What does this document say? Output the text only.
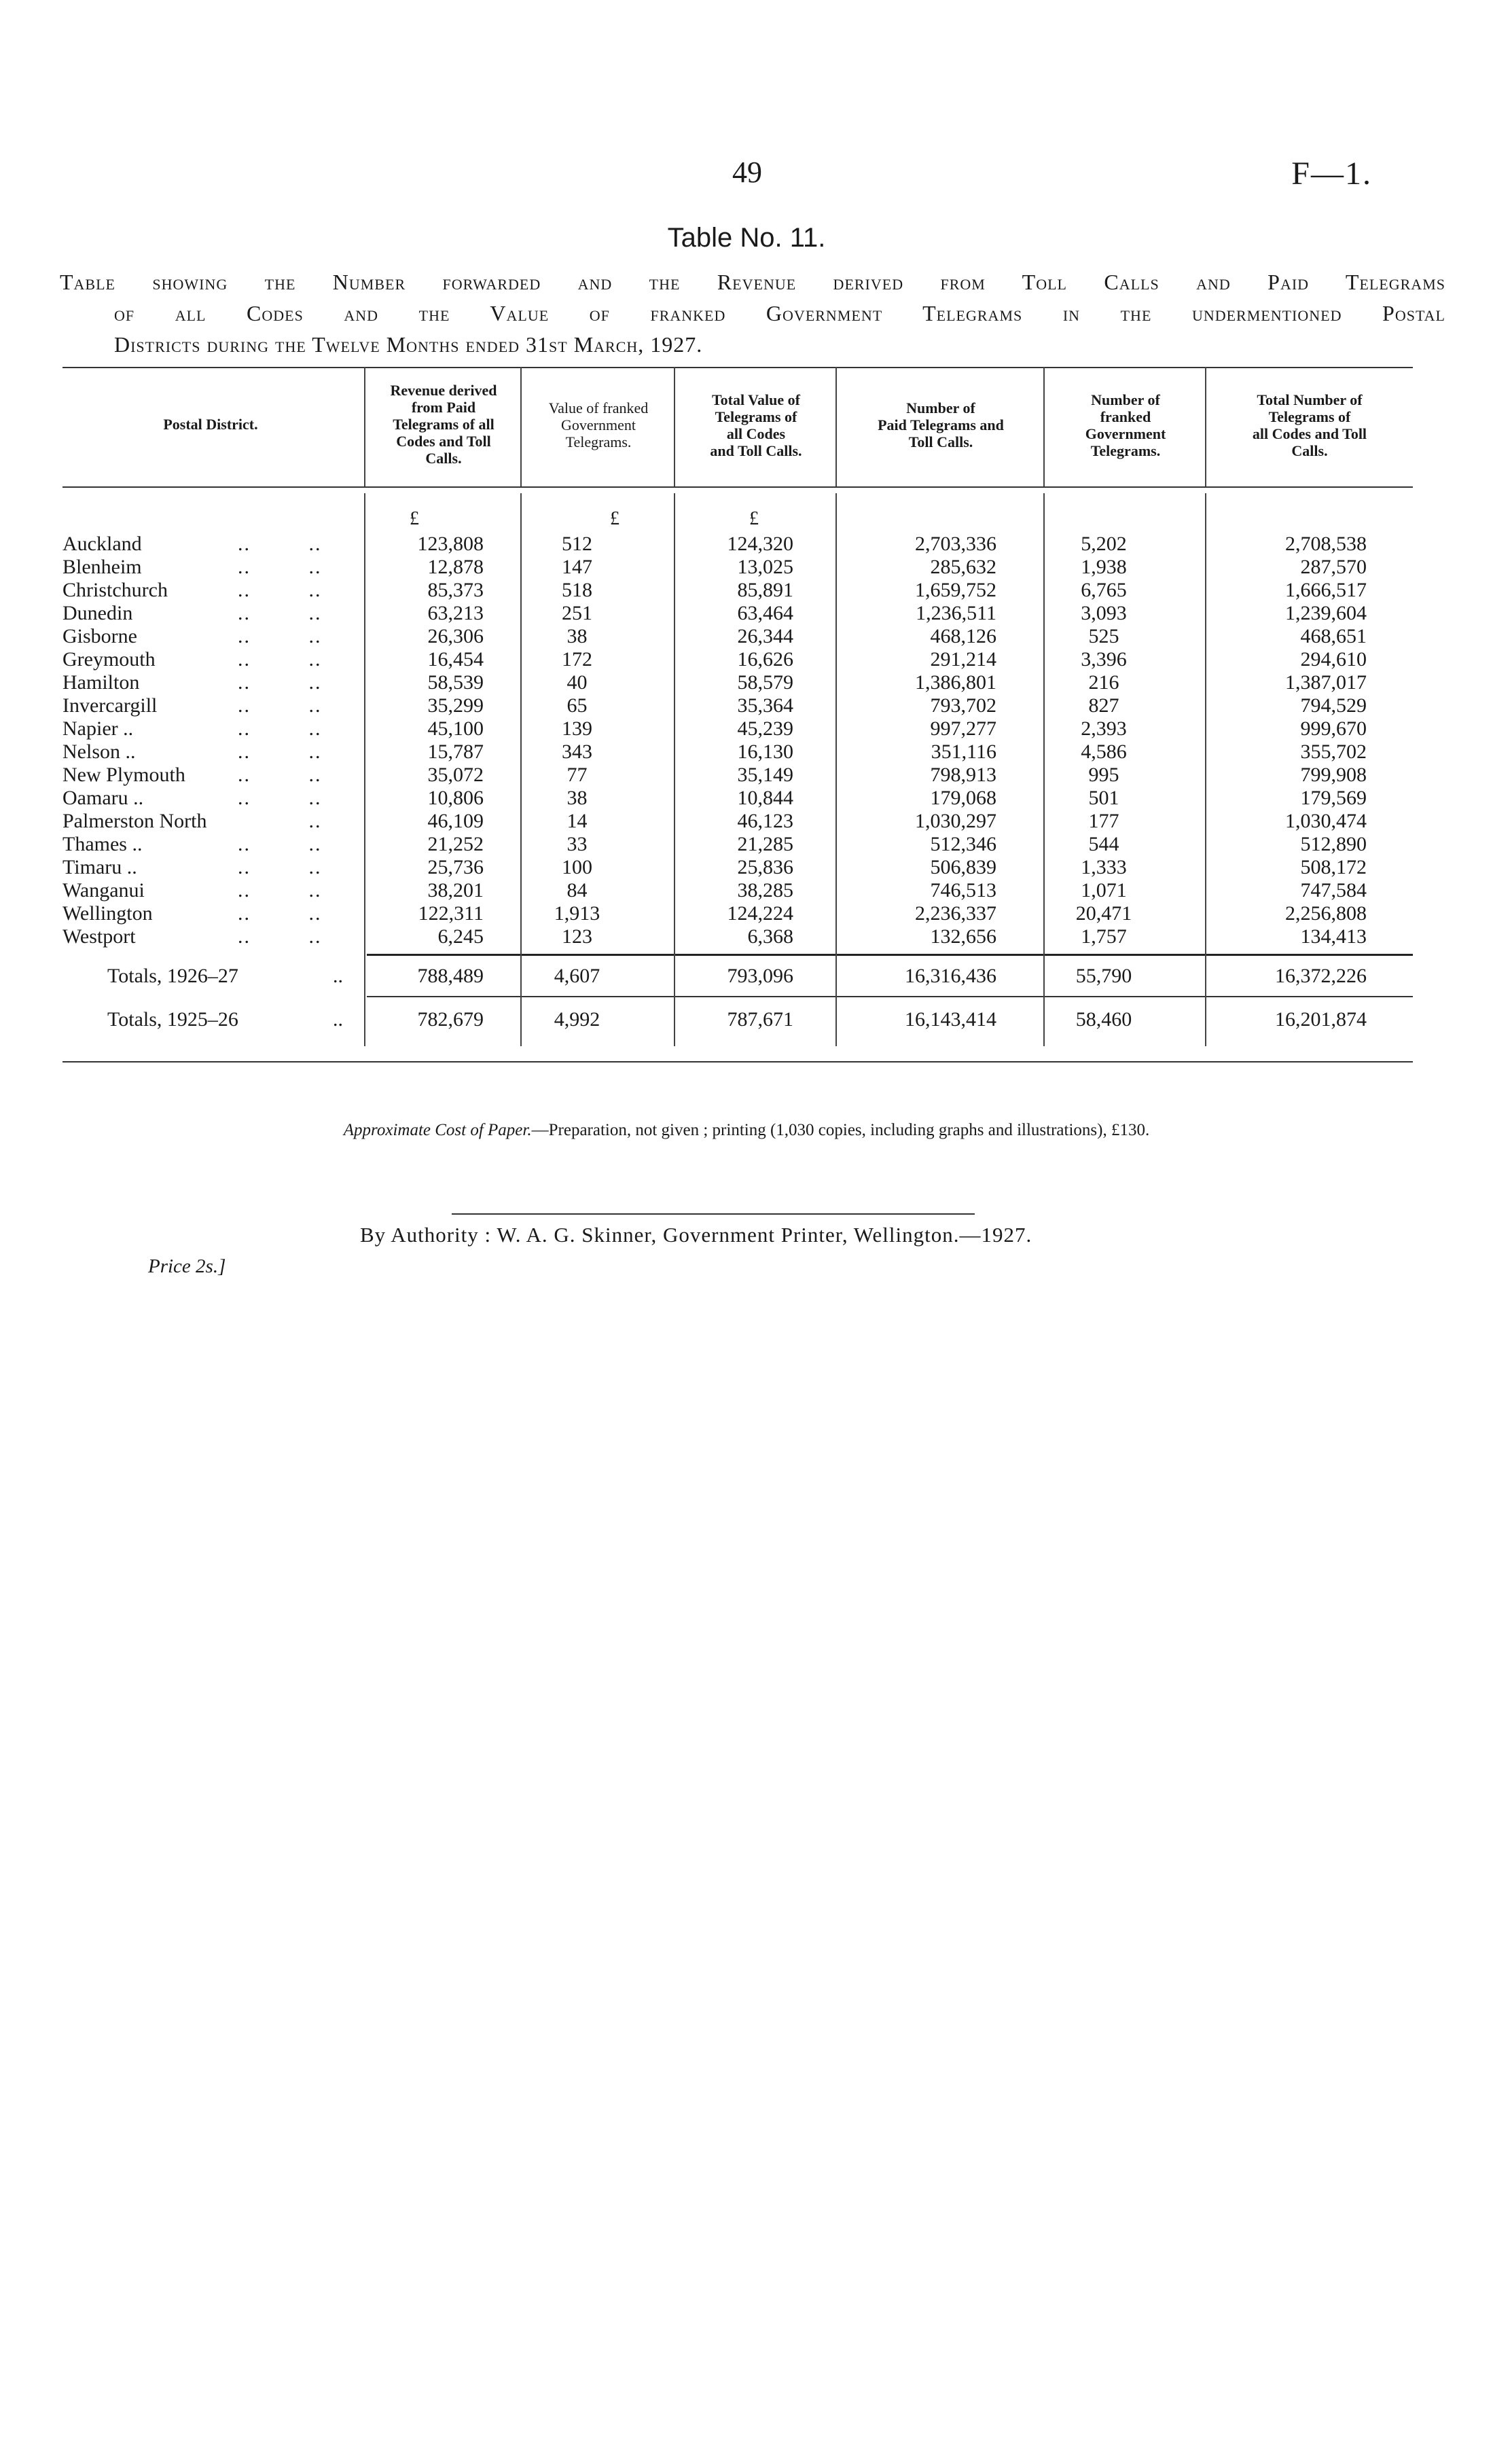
49	F—1.
Table No. 11.
Table showing the Number forwarded and the Revenue derived from Toll Calls and Paid Telegrams
of all Codes and the Value of franked Government Telegrams in the undermentioned Postal
Districts during the Twelve Months ended 31st March, 1927.
Postal District.
Revenue derived
from Paid
Telegrams of all
Codes and Toll
Calls.
Value of franked
Government
Telegrams.
Total Value of
Telegrams of
all Codes
and Toll Calls.
Number of
Paid Telegrams and
Toll Calls.
Number of
franked
Government
Telegrams.
Total Number of
Telegrams of
all Codes and Toll
Calls.
£	£	£
Auckland	..         ..	123,808	512	124,320	2,703,336	5,202	2,708,538
Blenheim	..         ..	12,878	147	13,025	285,632	1,938	287,570
Christchurch	..         ..	85,373	518	85,891	1,659,752	6,765	1,666,517
Dunedin	..         ..	63,213	251	63,464	1,236,511	3,093	1,239,604
Gisborne	..         ..	26,306	38	26,344	468,126	525	468,651
Greymouth	..         ..	16,454	172	16,626	291,214	3,396	294,610
Hamilton	..         ..	58,539	40	58,579	1,386,801	216	1,387,017
Invercargill	..         ..	35,299	65	35,364	793,702	827	794,529
Napier ..	..         ..	45,100	139	45,239	997,277	2,393	999,670
Nelson ..	..         ..	15,787	343	16,130	351,116	4,586	355,702
New Plymouth	..         ..	35,072	77	35,149	798,913	995	799,908
Oamaru ..	..         ..	10,806	38	10,844	179,068	501	179,569
Palmerston North ..	46,109	14	46,123	1,030,297	177	1,030,474
Thames ..	..         ..	21,252	33	21,285	512,346	544	512,890
Timaru ..	..         ..	25,736	100	25,836	506,839	1,333	508,172
Wanganui	..         ..	38,201	84	38,285	746,513	1,071	747,584
Wellington	..         ..	122,311	1,913	124,224	2,236,337	20,471	2,256,808
Westport	..         ..	6,245	123	6,368	132,656	1,757	134,413
Totals, 1926–27	..	788,489	4,607	793,096	16,316,436	55,790	16,372,226
Totals, 1925–26	..	782,679	4,992	787,671	16,143,414	58,460	16,201,874
Approximate Cost of Paper.—Preparation, not given ; printing (1,030 copies, including graphs and illustrations), £130.
By Authority : W. A. G. Skinner, Government Printer, Wellington.—1927.
Price 2s.]
